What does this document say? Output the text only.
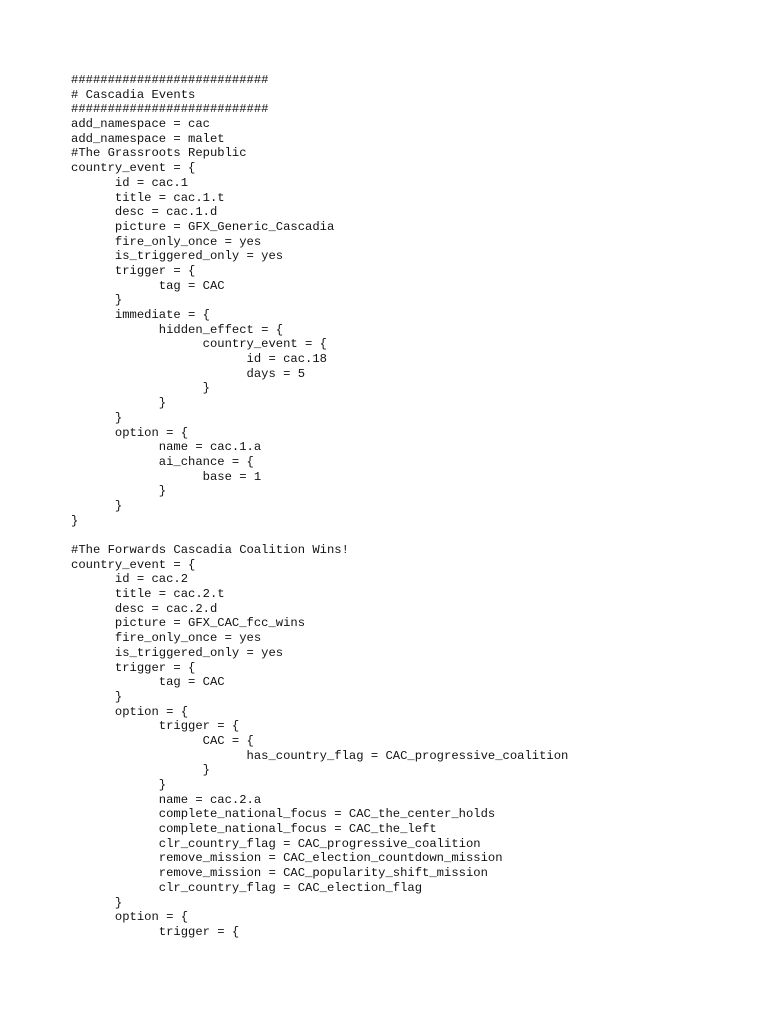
###########################
# Cascadia Events
###########################
add_namespace = cac
add_namespace = malet
#The Grassroots Republic
country_event = {
	id = cac.1
	title = cac.1.t
	desc = cac.1.d
	picture = GFX_Generic_Cascadia
	fire_only_once = yes
	is_triggered_only = yes
	trigger = {
		tag = CAC
	}
	immediate = {
		hidden_effect = {
			country_event = {
				id = cac.18
				days = 5
			}
		}
	}
	option = {
		name = cac.1.a
		ai_chance = {
			base = 1
		}
	}
}
#The Forwards Cascadia Coalition Wins!
country_event = {
	id = cac.2
	title = cac.2.t
	desc = cac.2.d
	picture = GFX_CAC_fcc_wins
	fire_only_once = yes
	is_triggered_only = yes
	trigger = {
		tag = CAC
	}
	option = {
		trigger = {
			CAC = {
				has_country_flag = CAC_progressive_coalition
			}
		}
		name = cac.2.a
		complete_national_focus = CAC_the_center_holds
		complete_national_focus = CAC_the_left
		clr_country_flag = CAC_progressive_coalition
		remove_mission = CAC_election_countdown_mission
		remove_mission = CAC_popularity_shift_mission
		clr_country_flag = CAC_election_flag
	}
	option = {
		trigger = {
